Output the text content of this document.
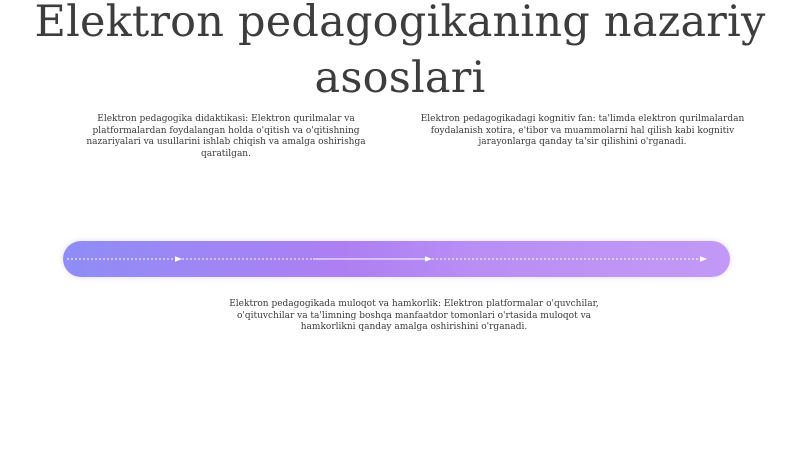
Elektron pedagogikaning nazariy asoslari

Elektron pedagogika didaktikasi: Elektron qurilmalar va platformalardan foydalangan holda o'qitish va o'qitishning nazariyalari va usullarini ishlab chiqish va amalga oshirishga qaratilgan.

Elektron pedagogikadagi kognitiv fan: ta'limda elektron qurilmalardan foydalanish xotira, e'tibor va muammolarni hal qilish kabi kognitiv jarayonlarga qanday ta'sir qilishini o'rganadi.

Elektron pedagogikada muloqot va hamkorlik: Elektron platformalar o'quvchilar, o'qituvchilar va ta'limning boshqa manfaatdor tomonlari o'rtasida muloqot va hamkorlikni qanday amalga oshirishini o'rganadi.
